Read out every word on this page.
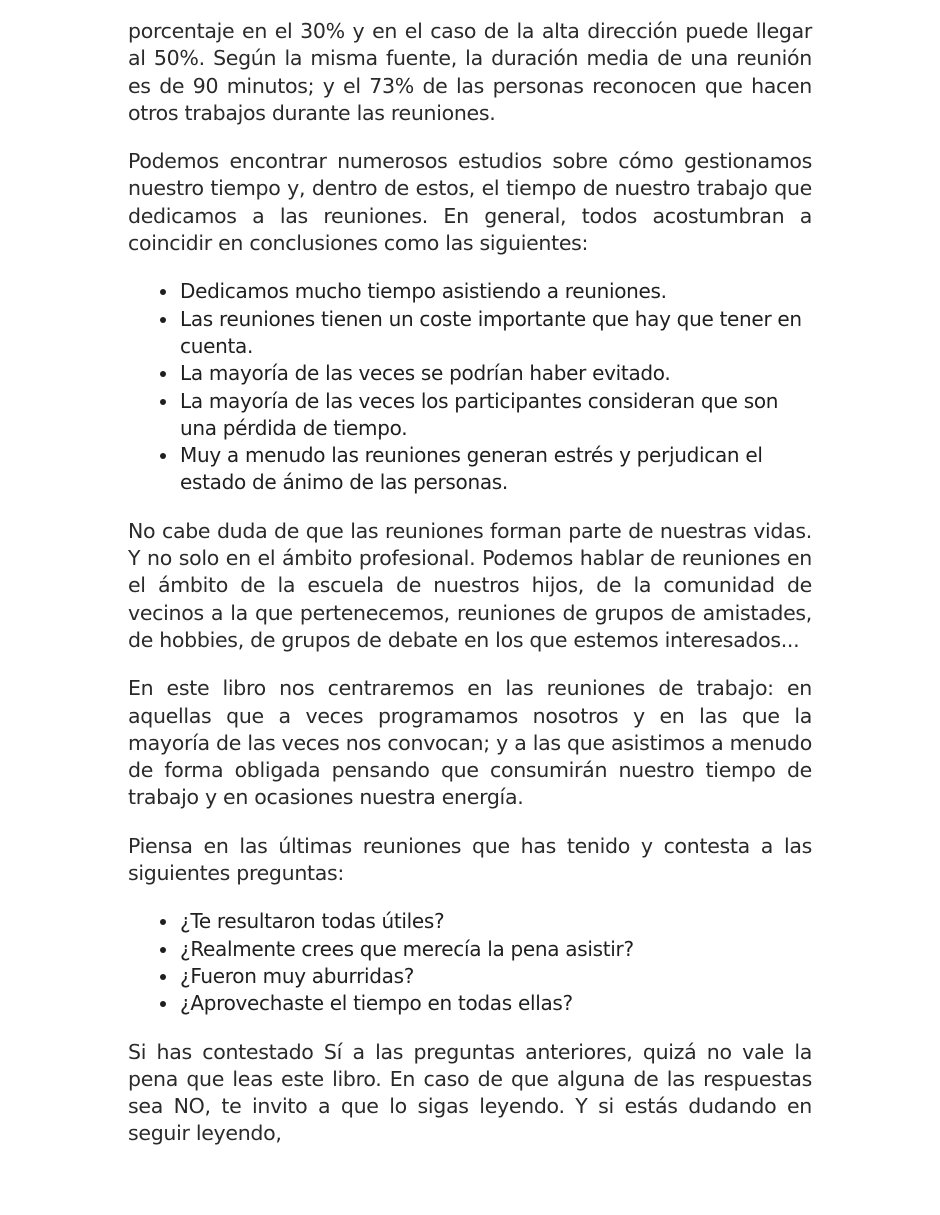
porcentaje en el 30% y en el caso de la alta dirección puede llegar al 50%. Según la misma fuente, la duración media de una reunión es de 90 minutos; y el 73% de las personas reconocen que hacen otros trabajos durante las reuniones.

Podemos encontrar numerosos estudios sobre cómo gestionamos nuestro tiempo y, dentro de estos, el tiempo de nuestro trabajo que dedicamos a las reuniones. En general, todos acostumbran a coincidir en conclusiones como las siguientes:

Dedicamos mucho tiempo asistiendo a reuniones.
Las reuniones tienen un coste importante que hay que tener en cuenta.
La mayoría de las veces se podrían haber evitado.
La mayoría de las veces los participantes consideran que son una pérdida de tiempo.
Muy a menudo las reuniones generan estrés y perjudican el estado de ánimo de las personas.

No cabe duda de que las reuniones forman parte de nuestras vidas. Y no solo en el ámbito profesional. Podemos hablar de reuniones en el ámbito de la escuela de nuestros hijos, de la comunidad de vecinos a la que pertenecemos, reuniones de grupos de amistades, de hobbies, de grupos de debate en los que estemos interesados...

En este libro nos centraremos en las reuniones de trabajo: en aquellas que a veces programamos nosotros y en las que la mayoría de las veces nos convocan; y a las que asistimos a menudo de forma obligada pensando que consumirán nuestro tiempo de trabajo y en ocasiones nuestra energía.

Piensa en las últimas reuniones que has tenido y contesta a las siguientes preguntas:

¿Te resultaron todas útiles?
¿Realmente crees que merecía la pena asistir?
¿Fueron muy aburridas?
¿Aprovechaste el tiempo en todas ellas?

Si has contestado Sí a las preguntas anteriores, quizá no vale la pena que leas este libro. En caso de que alguna de las respuestas sea NO, te invito a que lo sigas leyendo. Y si estás dudando en seguir leyendo,
